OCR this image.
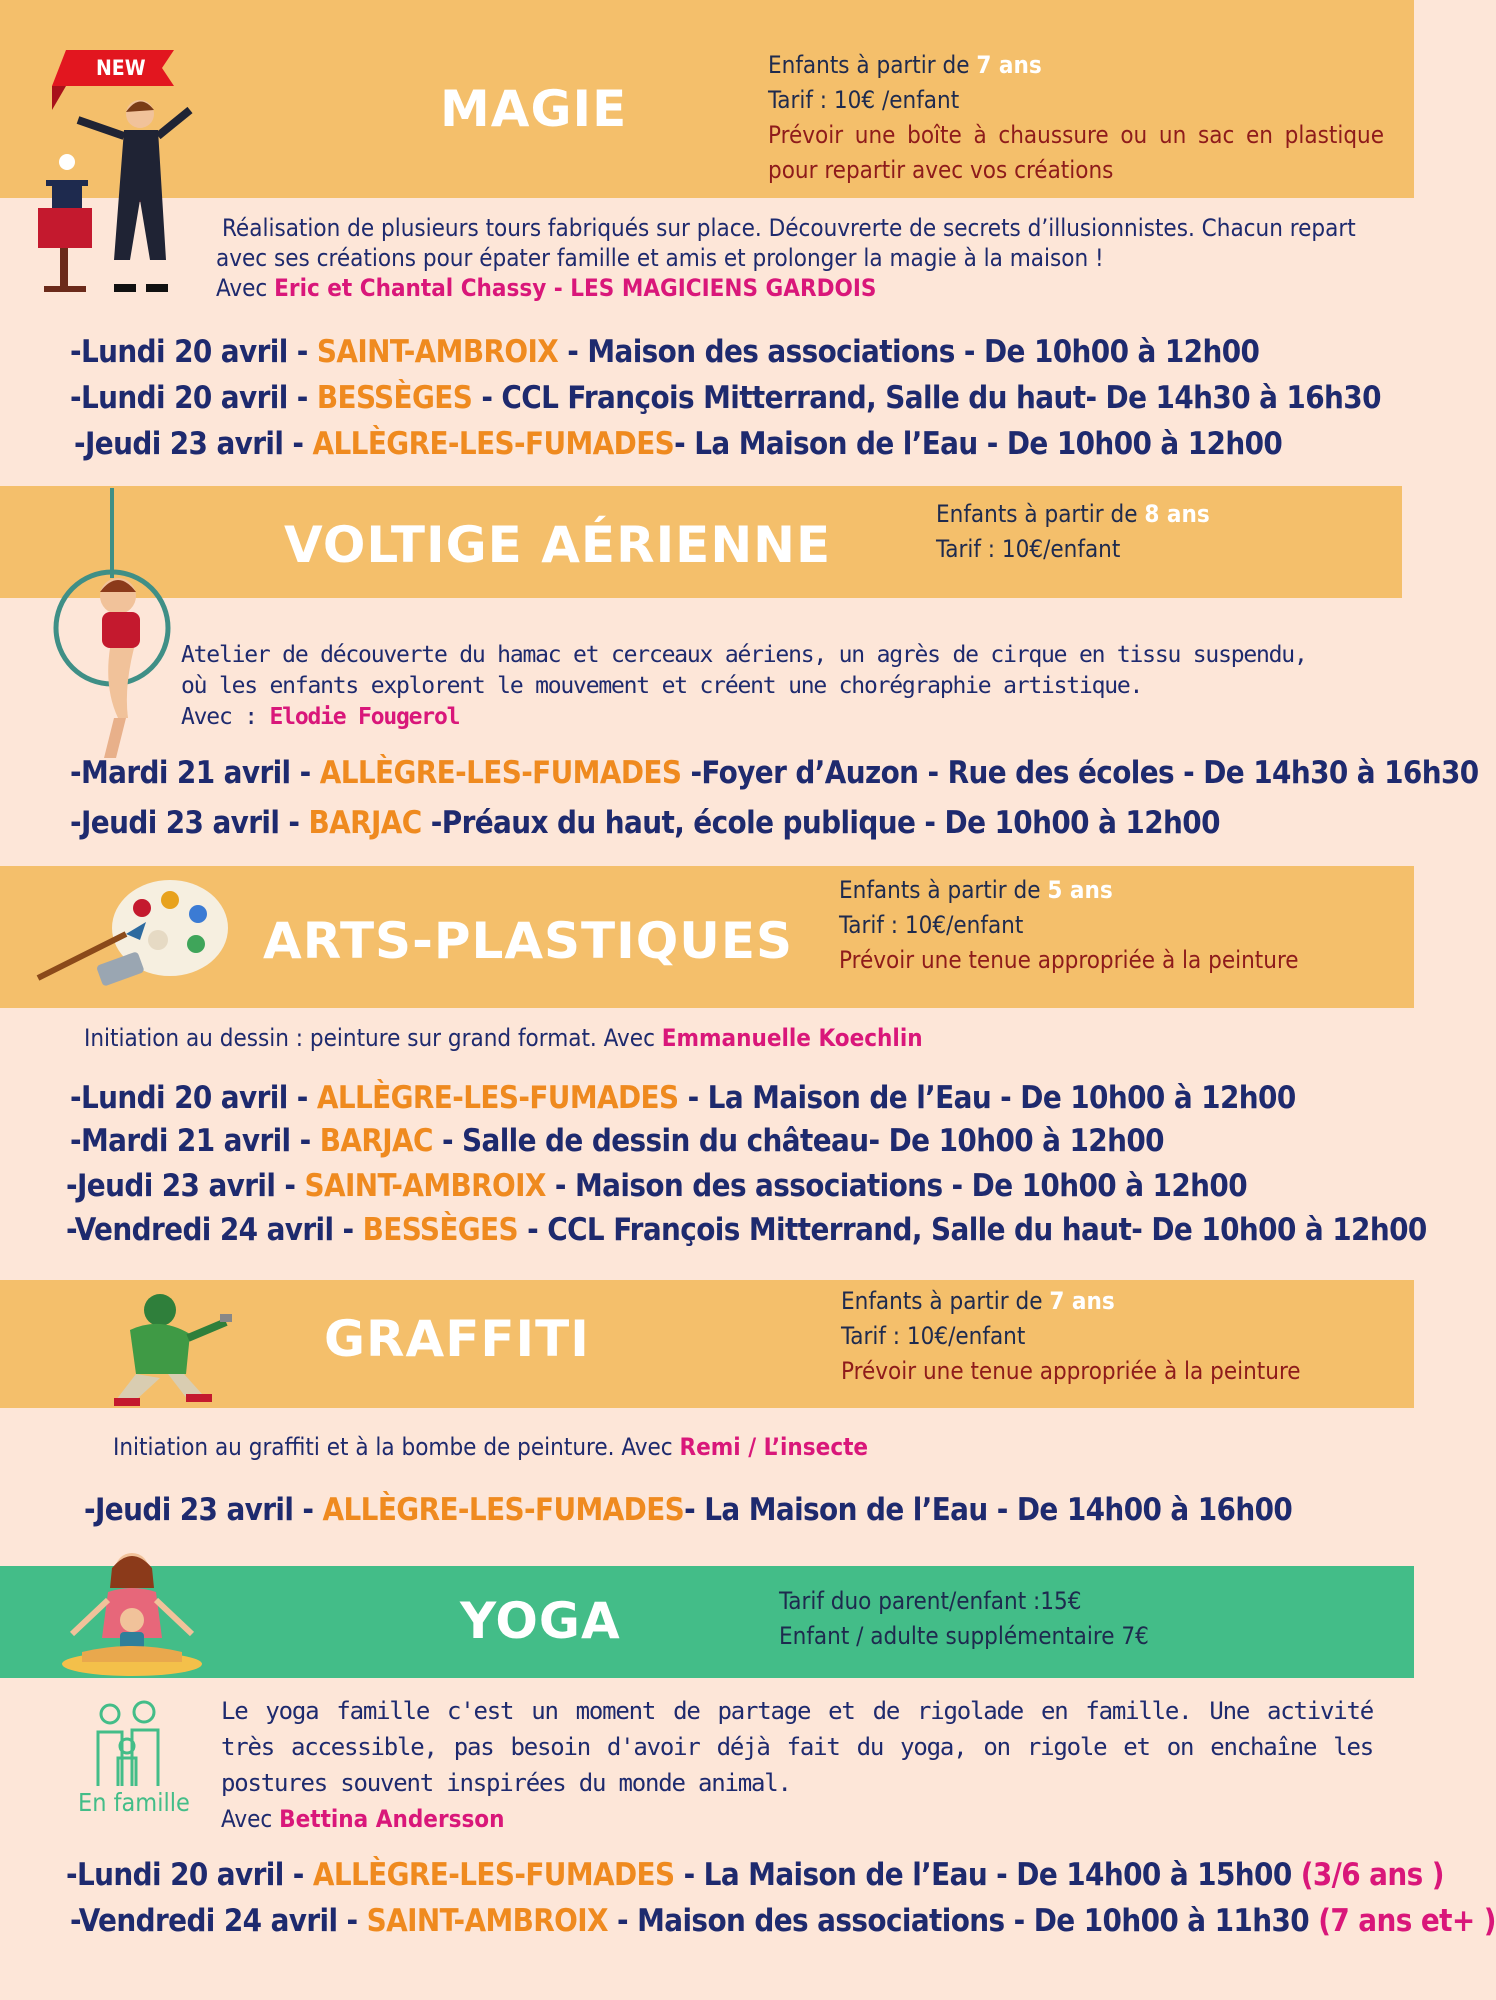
NEW
MAGIE
Enfants à partir de 7 ans
Tarif : 10€ /enfant
Prévoir une boîte à chaussure ou un sac en plastique pour repartir avec vos créations
Réalisation de plusieurs tours fabriqués sur place. Découvrerte de secrets d’illusionnistes. Chacun repart avec ses créations pour épater famille et amis et prolonger la magie à la maison !
Avec Eric et Chantal Chassy - LES MAGICIENS GARDOIS
-Lundi 20 avril - SAINT-AMBROIX - Maison des associations - De 10h00 à 12h00
-Lundi 20 avril - BESSÈGES - CCL François Mitterrand, Salle du haut- De 14h30 à 16h30
-Jeudi 23 avril - ALLÈGRE-LES-FUMADES- La Maison de l’Eau - De 10h00 à 12h00
VOLTIGE AÉRIENNE
Enfants à partir de 8 ans
Tarif : 10€/enfant
Atelier de découverte du hamac et cerceaux aériens, un agrès de cirque en tissu suspendu, où les enfants explorent le mouvement et créent une chorégraphie artistique.
Avec : Elodie Fougerol
-Mardi 21 avril - ALLÈGRE-LES-FUMADES -Foyer d’Auzon - Rue des écoles - De 14h30 à 16h30
-Jeudi 23 avril - BARJAC -Préaux du haut, école publique - De 10h00 à 12h00
ARTS-PLASTIQUES
Enfants à partir de 5 ans
Tarif : 10€/enfant
Prévoir une tenue appropriée à la peinture
Initiation au dessin : peinture sur grand format. Avec Emmanuelle Koechlin
-Lundi 20 avril - ALLÈGRE-LES-FUMADES - La Maison de l’Eau - De 10h00 à 12h00
-Mardi 21 avril - BARJAC - Salle de dessin du château- De 10h00 à 12h00
-Jeudi 23 avril - SAINT-AMBROIX - Maison des associations - De 10h00 à 12h00
-Vendredi 24 avril - BESSÈGES - CCL François Mitterrand, Salle du haut- De 10h00 à 12h00
GRAFFITI
Enfants à partir de 7 ans
Tarif : 10€/enfant
Prévoir une tenue appropriée à la peinture
Initiation au graffiti et à la bombe de peinture. Avec Remi / L’insecte
-Jeudi 23 avril - ALLÈGRE-LES-FUMADES- La Maison de l’Eau - De 14h00 à 16h00
YOGA	Tarif duo parent/enfant :15€
Enfant / adulte supplémentaire 7€
En famille
Le yoga famille c'est un moment de partage et de rigolade en famille. Une activité très accessible, pas besoin d'avoir déjà fait du yoga, on rigole et on enchaîne les postures souvent inspirées du monde animal.
Avec Bettina Andersson
-Lundi 20 avril - ALLÈGRE-LES-FUMADES - La Maison de l’Eau - De 14h00 à 15h00 (3/6 ans )
-Vendredi 24 avril - SAINT-AMBROIX - Maison des associations - De 10h00 à 11h30 (7 ans et+ )
